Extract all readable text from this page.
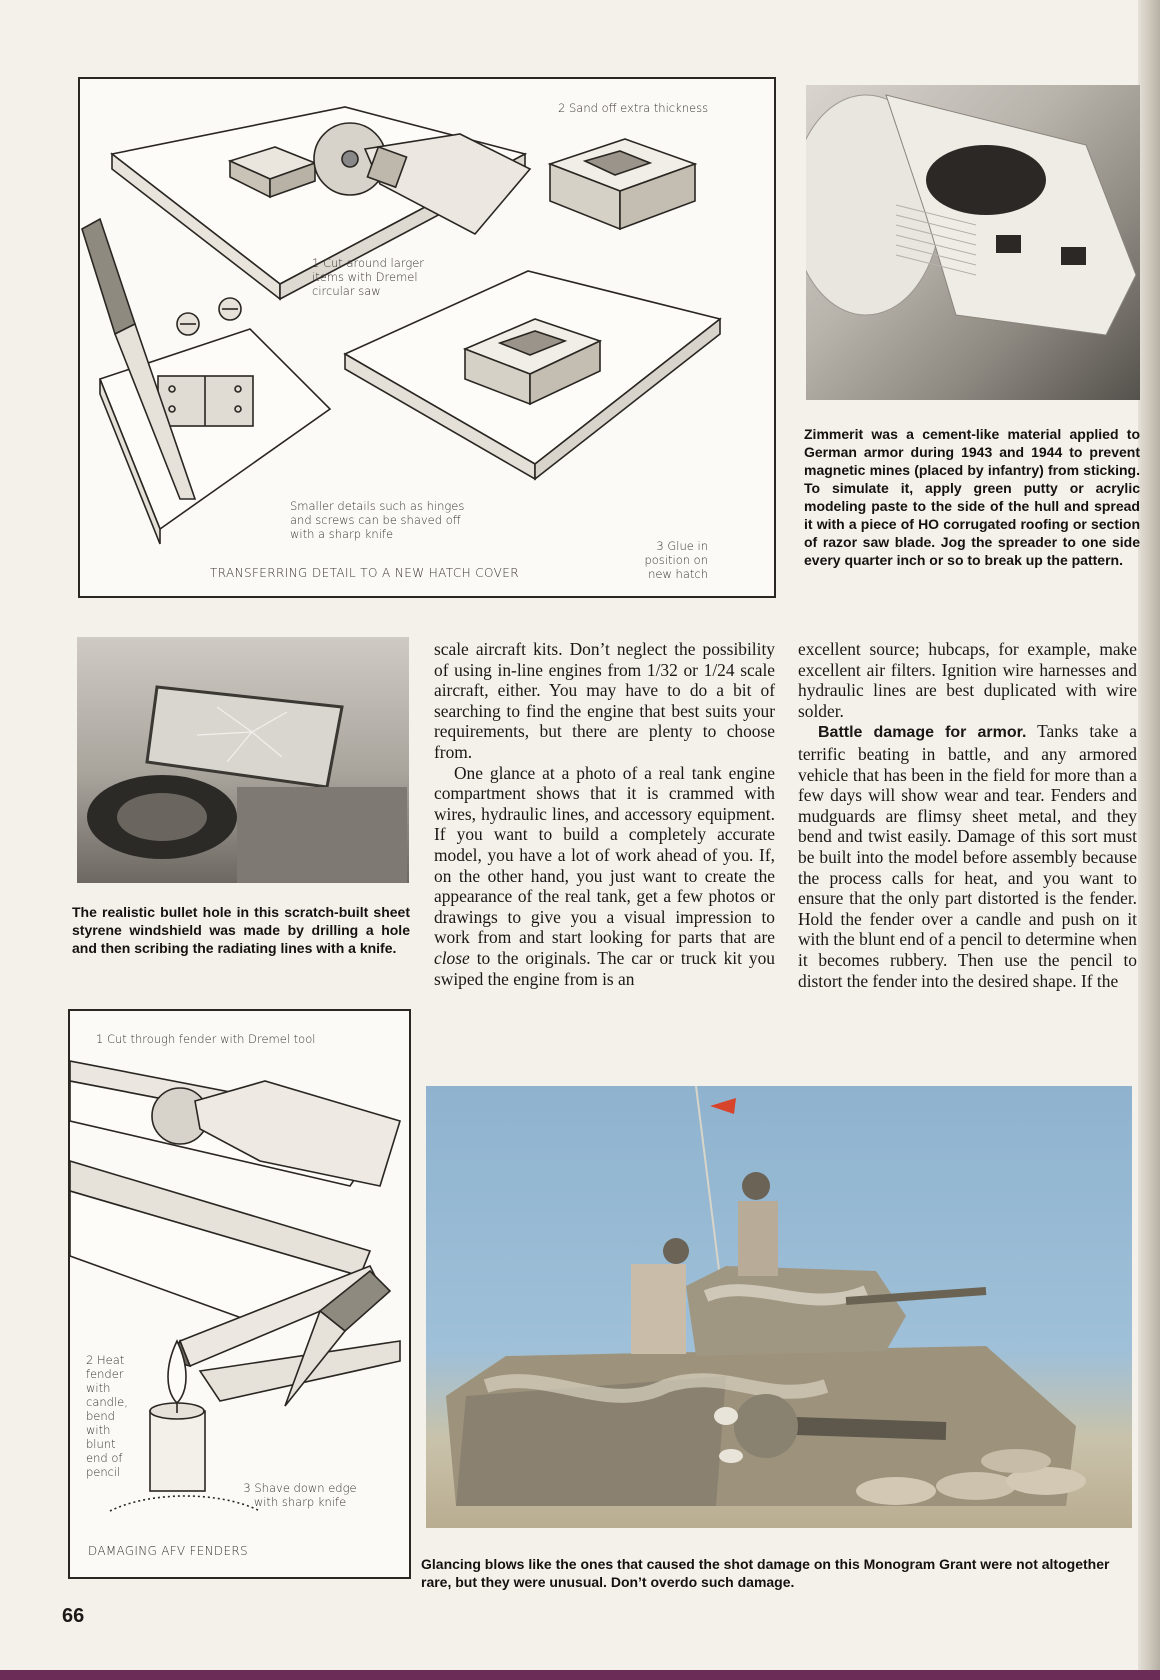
2 Sand off extra thickness
1 Cut around larger items with Dremel circular saw
Smaller details such as hinges and screws can be shaved off with a sharp knife
3 Glue in position on new hatch
TRANSFERRING DETAIL TO A NEW HATCH COVER
Zimmerit was a cement-like material applied to German armor during 1943 and 1944 to prevent magnetic mines (placed by infantry) from sticking. To simulate it, apply green putty or acrylic modeling paste to the side of the hull and spread it with a piece of HO corrugated roofing or section of razor saw blade. Jog the spreader to one side every quarter inch or so to break up the pattern.
The realistic bullet hole in this scratch-built sheet styrene windshield was made by drilling a hole and then scribing the radiating lines with a knife.

scale aircraft kits. Don’t neglect the possibility of using in-line engines from 1/32 or 1/24 scale aircraft, either. You may have to do a bit of searching to find the engine that best suits your requirements, but there are plenty to choose from.

One glance at a photo of a real tank engine compartment shows that it is crammed with wires, hydraulic lines, and accessory equipment. If you want to build a completely accurate model, you have a lot of work ahead of you. If, on the other hand, you just want to create the appearance of the real tank, get a few photos or drawings to give you a visual impression to work from and start looking for parts that are close to the originals. The car or truck kit you swiped the engine from is an

excellent source; hubcaps, for example, make excellent air filters. Ignition wire harnesses and hydraulic lines are best duplicated with wire solder.

Battle damage for armor. Tanks take a terrific beating in battle, and any armored vehicle that has been in the field for more than a few days will show wear and tear. Fenders and mudguards are flimsy sheet metal, and they bend and twist easily. Damage of this sort must be built into the model before assembly because the process calls for heat, and you want to ensure that the only part distorted is the fender. Hold the fender over a candle and push on it with the blunt end of a pencil to determine when it becomes rubbery. Then use the pencil to distort the fender into the desired shape. If the

1 Cut through fender with Dremel tool
2 Heat fender with candle, bend with blunt end of pencil
3 Shave down edge with sharp knife
DAMAGING AFV FENDERS
Glancing blows like the ones that caused the shot damage on this Monogram Grant were not altogether rare, but they were unusual. Don’t overdo such damage.
66
